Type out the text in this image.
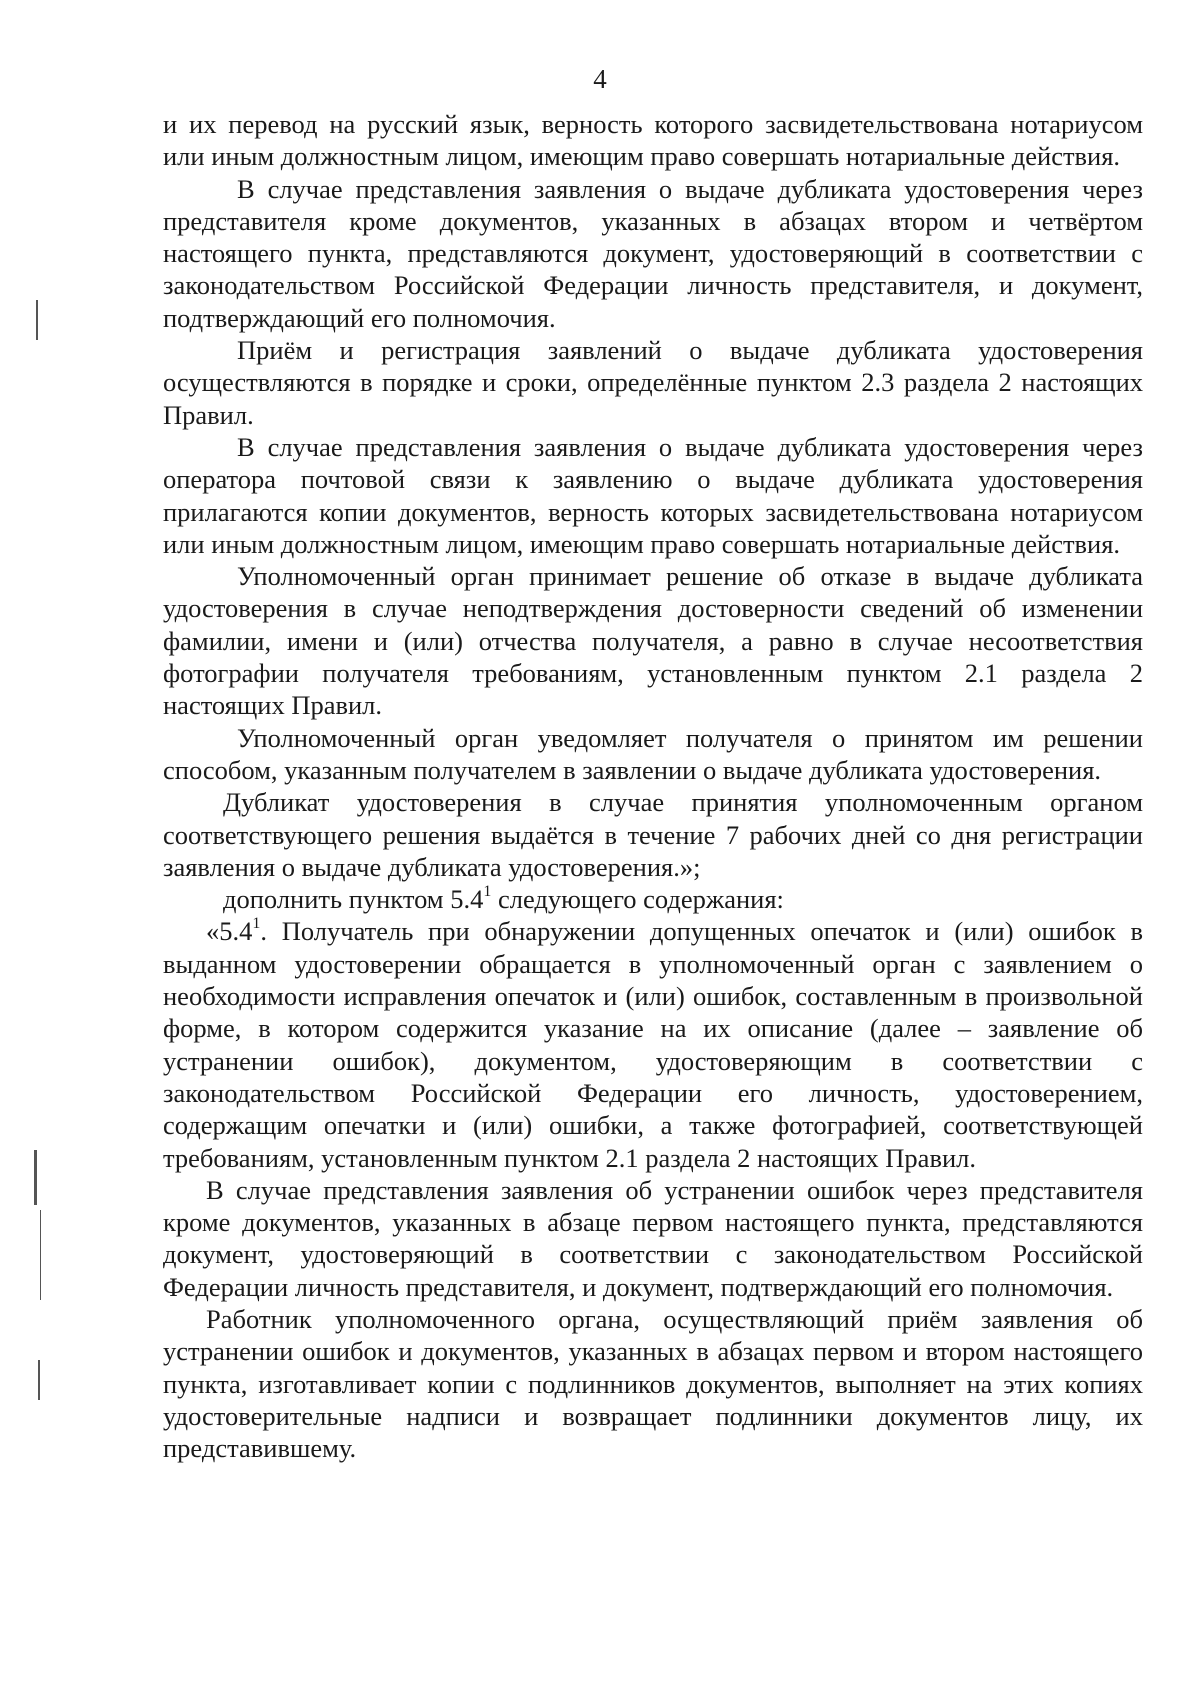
4

и их перевод на русский язык, верность которого засвидетельствована нотариусом или иным должностным лицом, имеющим право совершать нотариальные действия.

В случае представления заявления о выдаче дубликата удостоверения через представителя кроме документов, указанных в абзацах втором и четвёртом настоящего пункта, представляются документ, удостоверяющий в соответствии с законодательством Российской Федерации личность представителя, и документ, подтверждающий его полномочия.

Приём и регистрация заявлений о выдаче дубликата удостоверения осуществляются в порядке и сроки, определённые пунктом 2.3 раздела 2 настоящих Правил.

В случае представления заявления о выдаче дубликата удостоверения через оператора почтовой связи к заявлению о выдаче дубликата удостоверения прилагаются копии документов, верность которых засвидетельствована нотариусом или иным должностным лицом, имеющим право совершать нотариальные действия.

Уполномоченный орган принимает решение об отказе в выдаче дубликата удостоверения в случае неподтверждения достоверности сведений об изменении фамилии, имени и (или) отчества получателя, а равно в случае несоответствия фотографии получателя требованиям, установленным пунктом 2.1 раздела 2 настоящих Правил.

Уполномоченный орган уведомляет получателя о принятом им решении способом, указанным получателем в заявлении о выдаче дубликата удостоверения.

Дубликат удостоверения в случае принятия уполномоченным органом соответствующего решения выдаётся в течение 7 рабочих дней со дня регистрации заявления о выдаче дубликата удостоверения.»;

дополнить пунктом $5.4^1$ следующего содержания:

«$5.4^1$. Получатель при обнаружении допущенных опечаток и (или) ошибок в выданном удостоверении обращается в уполномоченный орган с заявлением о необходимости исправления опечаток и (или) ошибок, составленным в произвольной форме, в котором содержится указание на их описание (далее – заявление об устранении ошибок), документом, удостоверяющим в соответствии с законодательством Российской Федерации его личность, удостоверением, содержащим опечатки и (или) ошибки, а также фотографией, соответствующей требованиям, установленным пунктом 2.1 раздела 2 настоящих Правил.

В случае представления заявления об устранении ошибок через представителя кроме документов, указанных в абзаце первом настоящего пункта, представляются документ, удостоверяющий в соответствии с законодательством Российской Федерации личность представителя, и документ, подтверждающий его полномочия.

Работник уполномоченного органа, осуществляющий приём заявления об устранении ошибок и документов, указанных в абзацах первом и втором настоящего пункта, изготавливает копии с подлинников документов, выполняет на этих копиях удостоверительные надписи и возвращает подлинники документов лицу, их представившему.
